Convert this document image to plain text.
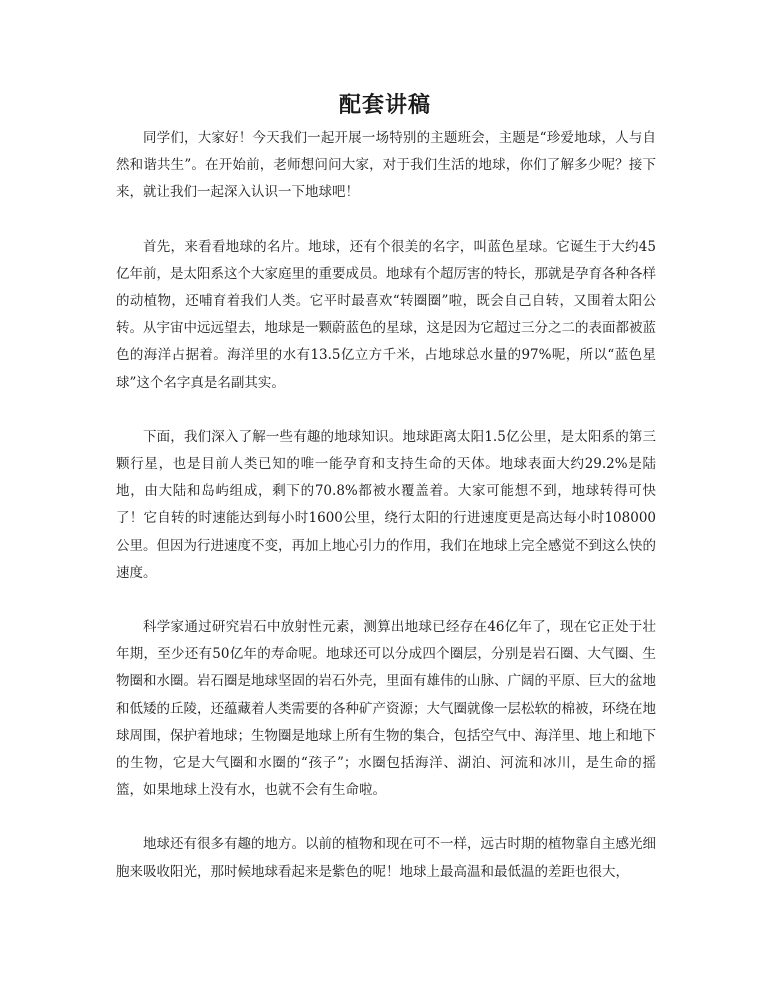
配套讲稿

同学们，大家好！今天我们一起开展一场特别的主题班会，主题是“珍爱地球，人与自然和谐共生”。在开始前，老师想问问大家，对于我们生活的地球，你们了解多少呢？接下来，就让我们一起深入认识一下地球吧！

首先，来看看地球的名片。地球，还有个很美的名字，叫蓝色星球。它诞生于大约45亿年前，是太阳系这个大家庭里的重要成员。地球有个超厉害的特长，那就是孕育各种各样的动植物，还哺育着我们人类。它平时最喜欢“转圈圈”啦，既会自己自转，又围着太阳公转。从宇宙中远远望去，地球是一颗蔚蓝色的星球，这是因为它超过三分之二的表面都被蓝色的海洋占据着。海洋里的水有13.5亿立方千米，占地球总水量的97%呢，所以“蓝色星球”这个名字真是名副其实。

下面，我们深入了解一些有趣的地球知识。地球距离太阳1.5亿公里，是太阳系的第三颗行星，也是目前人类已知的唯一能孕育和支持生命的天体。地球表面大约29.2%是陆地，由大陆和岛屿组成，剩下的70.8%都被水覆盖着。大家可能想不到，地球转得可快了！它自转的时速能达到每小时1600公里，绕行太阳的行进速度更是高达每小时108000公里。但因为行进速度不变，再加上地心引力的作用，我们在地球上完全感觉不到这么快的速度。

科学家通过研究岩石中放射性元素，测算出地球已经存在46亿年了，现在它正处于壮年期，至少还有50亿年的寿命呢。地球还可以分成四个圈层，分别是岩石圈、大气圈、生物圈和水圈。岩石圈是地球坚固的岩石外壳，里面有雄伟的山脉、广阔的平原、巨大的盆地和低矮的丘陵，还蕴藏着人类需要的各种矿产资源；大气圈就像一层松软的棉被，环绕在地球周围，保护着地球；生物圈是地球上所有生物的集合，包括空气中、海洋里、地上和地下的生物，它是大气圈和水圈的“孩子”；水圈包括海洋、湖泊、河流和冰川，是生命的摇篮，如果地球上没有水，也就不会有生命啦。

地球还有很多有趣的地方。以前的植物和现在可不一样，远古时期的植物靠自主感光细胞来吸收阳光，那时候地球看起来是紫色的呢！地球上最高温和最低温的差距也很大，
